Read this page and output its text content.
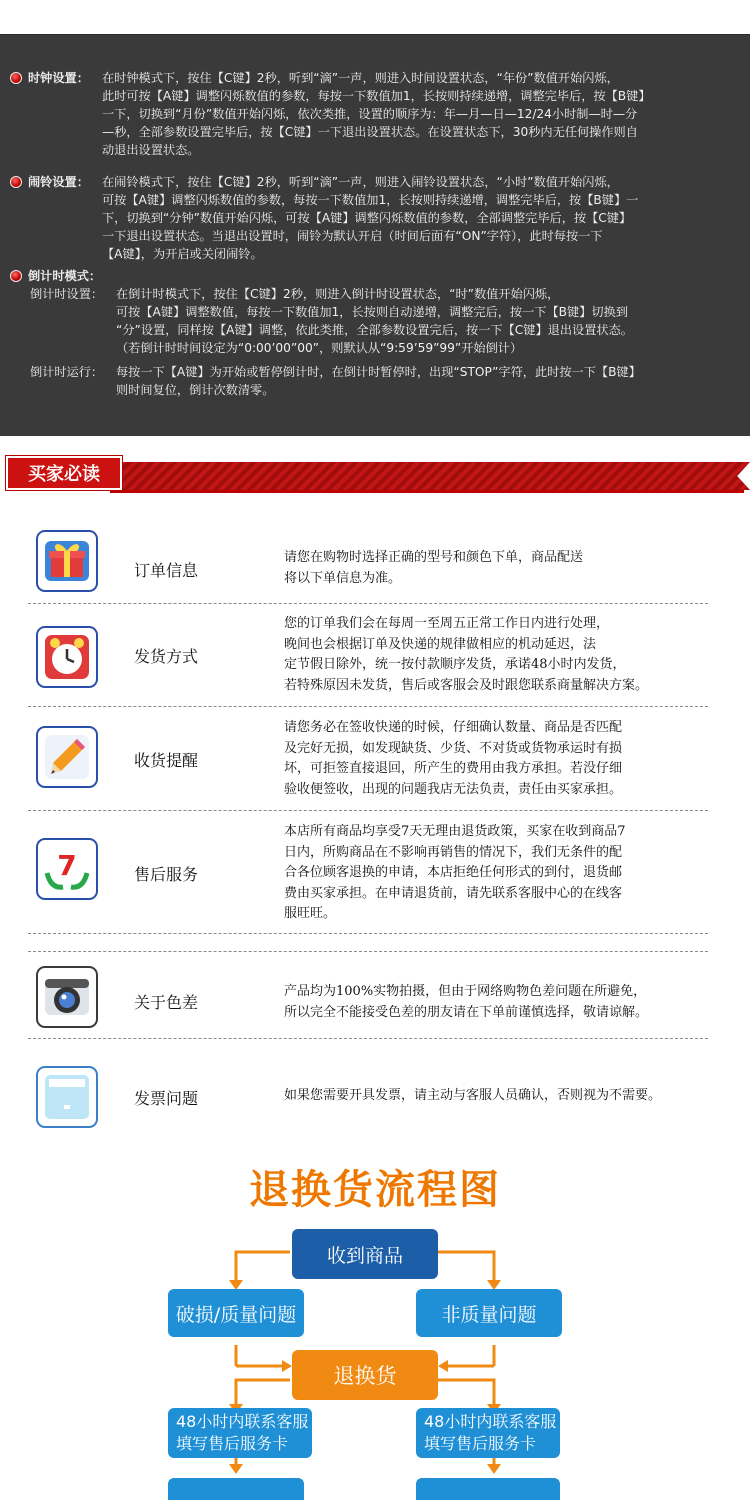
时钟设置： 在时钟模式下，按住【C键】2秒，听到“滴”一声，则进入时间设置状态，“年份”数值开始闪烁，
此时可按【A键】调整闪烁数值的参数，每按一下数值加1，长按则持续递增，调整完毕后，按【B键】
一下，切换到“月份”数值开始闪烁，依次类推，设置的顺序为：年—月—日—12/24小时制—时—分
—秒，全部参数设置完毕后，按【C键】一下退出设置状态。在设置状态下，30秒内无任何操作则自
动退出设置状态。
闹铃设置： 在闹铃模式下，按住【C键】2秒，听到“滴”一声，则进入闹铃设置状态，“小时”数值开始闪烁，
可按【A键】调整闪烁数值的参数，每按一下数值加1，长按则持续递增，调整完毕后，按【B键】一
下，切换到“分钟”数值开始闪烁，可按【A键】调整闪烁数值的参数，全部调整完毕后，按【C键】
一下退出设置状态。当退出设置时，闹铃为默认开启（时间后面有“ON”字符），此时每按一下
【A键】，为开启或关闭闹铃。
倒计时模式：
倒计时设置： 在倒计时模式下，按住【C键】2秒，则进入倒计时设置状态，“时”数值开始闪烁，
可按【A键】调整数值，每按一下数值加1，长按则自动递增，调整完后，按一下【B键】切换到
“分”设置，同样按【A键】调整，依此类推，全部参数设置完后，按一下【C键】退出设置状态。
（若倒计时时间设定为“0:00’00”00”，则默认从“9:59’59”99”开始倒计）
倒计时运行： 每按一下【A键】为开始或暂停倒计时，在倒计时暂停时，出现“STOP”字符，此时按一下【B键】
则时间复位，倒计次数清零。
买家必读
订单信息
请您在购物时选择正确的型号和颜色下单，商品配送
将以下单信息为准。
发货方式
您的订单我们会在每周一至周五正常工作日内进行处理，
晚间也会根据订单及快递的规律做相应的机动延迟，法
定节假日除外，统一按付款顺序发货，承诺48小时内发货，
若特殊原因未发货，售后或客服会及时跟您联系商量解决方案。
收货提醒
请您务必在签收快递的时候，仔细确认数量、商品是否匹配
及完好无损，如发现缺货、少货、不对货或货物承运时有损
坏，可拒签直接退回，所产生的费用由我方承担。若没仔细
验收便签收，出现的问题我店无法负责，责任由买家承担。
7	售后服务
本店所有商品均享受7天无理由退货政策，买家在收到商品7
日内，所购商品在不影响再销售的情况下，我们无条件的配
合各位顾客退换的申请，本店拒绝任何形式的到付，退货邮
费由买家承担。在申请退货前，请先联系客服中心的在线客
服旺旺。
关于色差
产品均为100%实物拍摄，但由于网络购物色差问题在所避免，
所以完全不能接受色差的朋友请在下单前谨慎选择，敬请谅解。
发票问题	如果您需要开具发票，请主动与客服人员确认，否则视为不需要。
退换货流程图
收到商品
破损/质量问题	非质量问题
退换货
48小时内联系客服
填写售后服务卡
48小时内联系客服
填写售后服务卡
